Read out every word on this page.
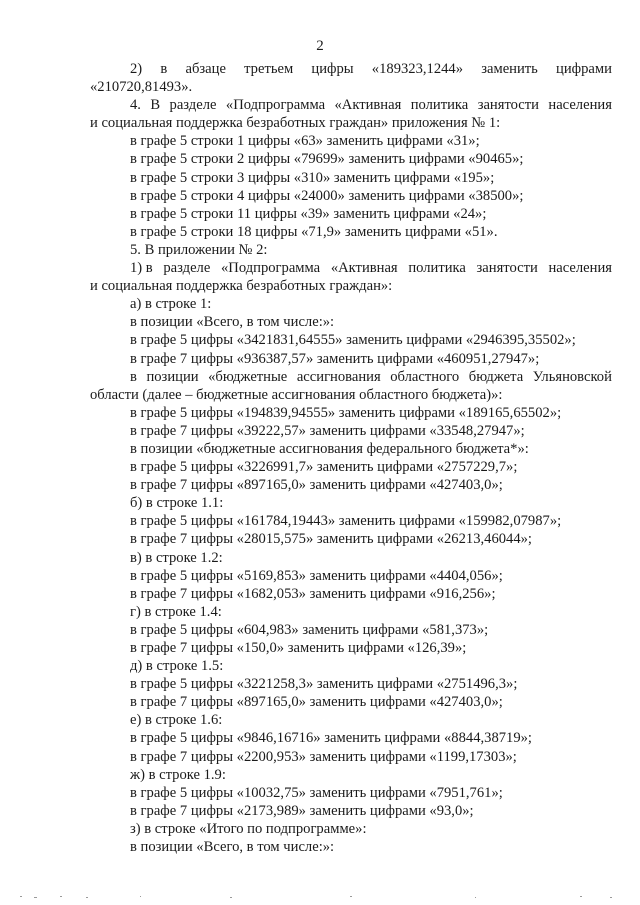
2
2) в абзаце третьем цифры «189323,1244» заменить цифрами
«210720,81493».
4. В разделе «Подпрограмма «Активная политика занятости населения
и социальная поддержка безработных граждан» приложения № 1:
в графе 5 строки 1 цифры «63» заменить цифрами «31»;
в графе 5 строки 2 цифры «79699» заменить цифрами «90465»;
в графе 5 строки 3 цифры «310» заменить цифрами «195»;
в графе 5 строки 4 цифры «24000» заменить цифрами «38500»;
в графе 5 строки 11 цифры «39» заменить цифрами «24»;
в графе 5 строки 18 цифры «71,9» заменить цифрами «51».
5. В приложении № 2:
1) в разделе «Подпрограмма «Активная политика занятости населения
и социальная поддержка безработных граждан»:
а) в строке 1:
в позиции «Всего, в том числе:»:
в графе 5 цифры «3421831,64555» заменить цифрами «2946395,35502»;
в графе 7 цифры «936387,57» заменить цифрами «460951,27947»;
в позиции «бюджетные ассигнования областного бюджета Ульяновской
области (далее – бюджетные ассигнования областного бюджета)»:
в графе 5 цифры «194839,94555» заменить цифрами «189165,65502»;
в графе 7 цифры «39222,57» заменить цифрами «33548,27947»;
в позиции «бюджетные ассигнования федерального бюджета*»:
в графе 5 цифры «3226991,7» заменить цифрами «2757229,7»;
в графе 7 цифры «897165,0» заменить цифрами «427403,0»;
б) в строке 1.1:
в графе 5 цифры «161784,19443» заменить цифрами «159982,07987»;
в графе 7 цифры «28015,575» заменить цифрами «26213,46044»;
в) в строке 1.2:
в графе 5 цифры «5169,853» заменить цифрами «4404,056»;
в графе 7 цифры «1682,053» заменить цифрами «916,256»;
г) в строке 1.4:
в графе 5 цифры «604,983» заменить цифрами «581,373»;
в графе 7 цифры «150,0» заменить цифрами «126,39»;
д) в строке 1.5:
в графе 5 цифры «3221258,3» заменить цифрами «2751496,3»;
в графе 7 цифры «897165,0» заменить цифрами «427403,0»;
е) в строке 1.6:
в графе 5 цифры «9846,16716» заменить цифрами «8844,38719»;
в графе 7 цифры «2200,953» заменить цифрами «1199,17303»;
ж) в строке 1.9:
в графе 5 цифры «10032,75» заменить цифрами «7951,761»;
в графе 7 цифры «2173,989» заменить цифрами «93,0»;
з) в строке «Итого по подпрограмме»:
в позиции «Всего, в том числе:»:
